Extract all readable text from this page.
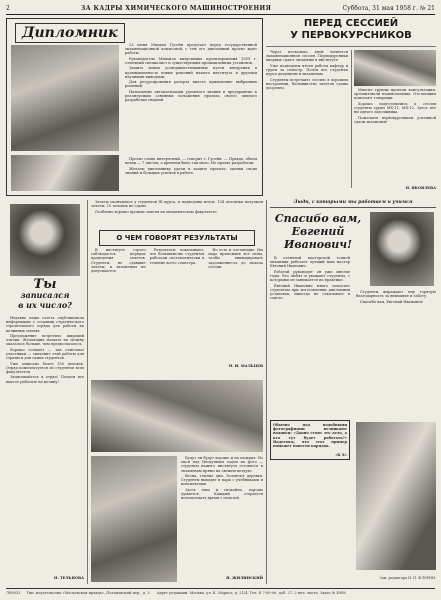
2	ЗА КАДРЫ ХИМИЧЕСКОГО МАШИНОСТРОЕНИЯ	Суббота, 31 мая 1958 г. № 21
Дипломник

23 июня Михаил Гусейн предстает перед государственной экзаменационной комиссией, с тем его дипломный проект ждет работы.

Руководитель Михаила выпускника проектирования 1959 г. отличный специалист и существующих промышленных установок.

Защита новых усовершенствованных путем внедрения в промышленность новых решений нашего института и другими научными выводами.

Для ресурсирования рапорта вместе применение выбранных решений.

Назначение автоматизации удельного знания и предприятие к реализуемым основных положения проекта своего личного разработки сводной.

Проект очень интересный, — говорит т. Гусейн. — Правда, объем велик — 7 листов, а времени было так мало. Но проект разработан.

Желаем дипломнику удачи в защите проекта, оценки своих знаний и больших успехов в работе.

ПЕРЕД СЕССИЕЙ
У ПЕРВОКУРСНИКОВ

Через несколько дней начнется экзаменационная сессия. Первокурсники впервые сдают экзамены в институте.

Уже подведены итоги работы кафедр и групп за семестр. Почти все студенты курса допущены к экзаменам.

Студенты встречают сессию в хорошем настроении, большинство зачетов сданы досрочно.	Многие группы провели консультации, организовали взаимопомощь. Отстающим помогают товарищи.

Хорошо подготовились к сессии студенты групп МХ-11, МХ-12. Здесь нет ни одного задолжника.

Пожелаем первокурсникам успешной сдачи экзаменов!

Н. ЯКОВЛЕВА
Ты
записался
в их число?

Недавно наша газета опубликовала информацию о создании студенческого строительного отряда для работы на целинных землях.

Предложение встретило широкий отклик. Желающих поехать на целину оказалось больше, чем предполагалось.

Хорошо сознают — так отмечают участники — значение этой работы для страны и для самих студентов.

Уже записано более 150 человек. Отряд комплектуется из студентов всех факультетов.

Записывайтесь в отряд! Поедем все вместе работать на целину!

Н. ТЕЛЬНОВА

Зачеты окончились у студентов III курса, и подведены итоги. 134 человека получили зачеты, 10 человек не сдали.

Особенно хорошо прошли зачеты на механическом факультете.

О ЧЕМ ГОВОРЯТ РЕЗУЛЬТАТЫ

В институте строго соблюдается порядок проведения зачетов. Студенты, не сдавшие зачеты, к экзаменам не допускаются.

Результаты показывают, что большинство студентов работали систематически в течение всего семестра.

Но есть и отстающие. Им надо приложить все силы, чтобы ликвидировать задолженность до начала сессии.

Н. И. МАЛЬЦЕВ

Будут ли будут хорошо и на пальцах. Из окон под Нескучным садом на фото — студенты нашего института готовятся к экзаменам прямо на свежем воздухе.

Весна, теплые дни. Зеленеют деревья. Студенты выходят в парк с учебниками и конспектами.

Здесь тихо и спокойно, хорошо думается. Каждый старается использовать время с пользой.

Н. ЖИЛИНСКИЙ
Люди, с которыми мы работаем и учимся
Спасибо вам,
Евгений
Иванович!

В отличной мастерской точной механики работает лучший наш мастер Евгений Иванович.

Работой руководит он уже многие годы. Его любят и уважают студенты, с которыми он занимается на практике.

Евгений Иванович много помогает студентам при изготовлении дипломных установок, никогда не отказывает в совете.

Студенты выражают ему горячую благодарность за внимание и заботу.

Спасибо вам, Евгений Иванович!

Зам. редактора Н. П. ФЛОРИН.
Обычно под подобными фотографиями возникают надписи: «Давно стоит это дело, а кто тут будет работать?» Надеемся, что этот пример поможет навести порядок.
«К Х»
Л89033 Тип. издательства «Московская правда», Потаповский пер., д. 3. Адрес редакции: Москва, ул. К. Маркса, д. 21/4. Тел. Е 7-00-06, доб. 37. 2 печ. листа. Заказ № 4908.
